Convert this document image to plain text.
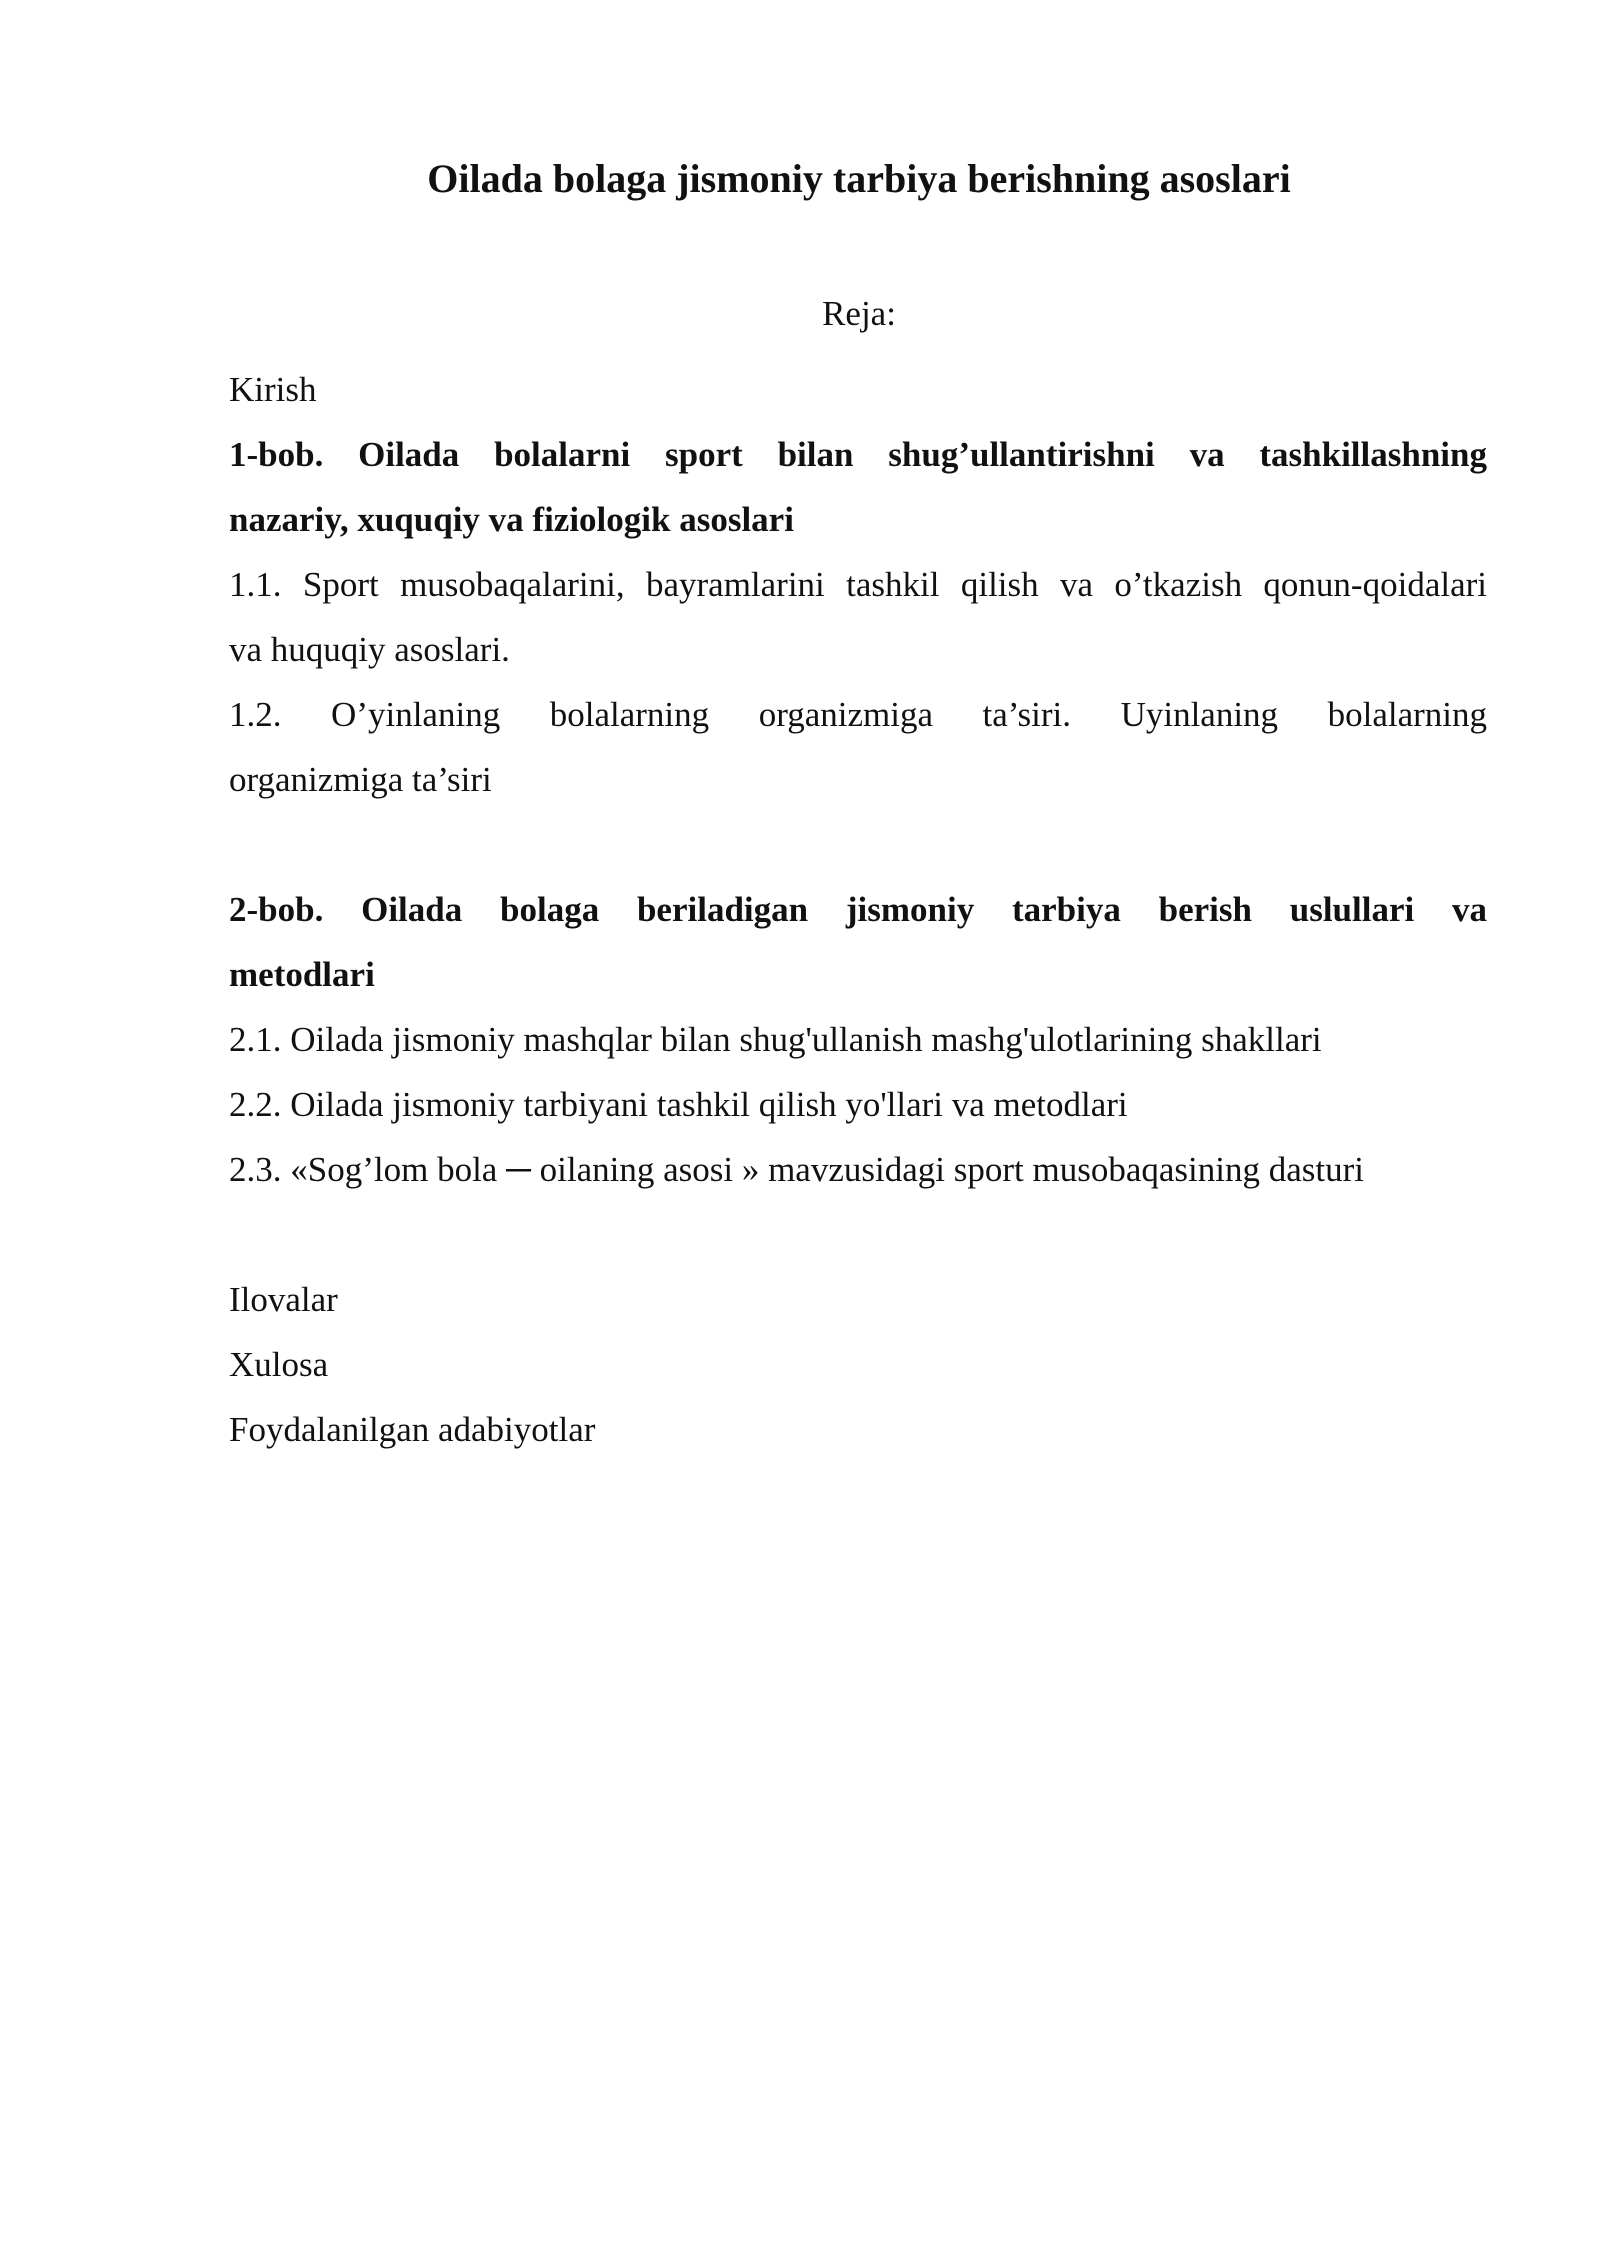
Oilada bolaga jismoniy tarbiya berishning asoslari
Reja:
Kirish
1-bob. Oilada bolalarni sport bilan shug’ullantirishni va tashkillashning
nazariy, xuquqiy va fiziologik asoslari
1.1. Sport musobaqalarini, bayramlarini tashkil qilish va o’tkazish qonun-qoidalari
va huquqiy asoslari.
1.2. O’yinlaning bolalarning organizmiga ta’siri. Uyinlaning bolalarning
organizmiga ta’siri
2-bob. Oilada bolaga beriladigan jismoniy tarbiya berish uslullari va
metodlari
2.1. Oilada jismoniy mashqlar bilan shug'ullanish mashg'ulotlarining shakllari
2.2. Oilada jismoniy tarbiyani tashkil qilish yo'llari va metodlari
2.3. «Sog’lom bola ─ oilaning asosi » mavzusidagi sport musobaqasining dasturi
Ilovalar
Xulosa
Foydalanilgan adabiyotlar
